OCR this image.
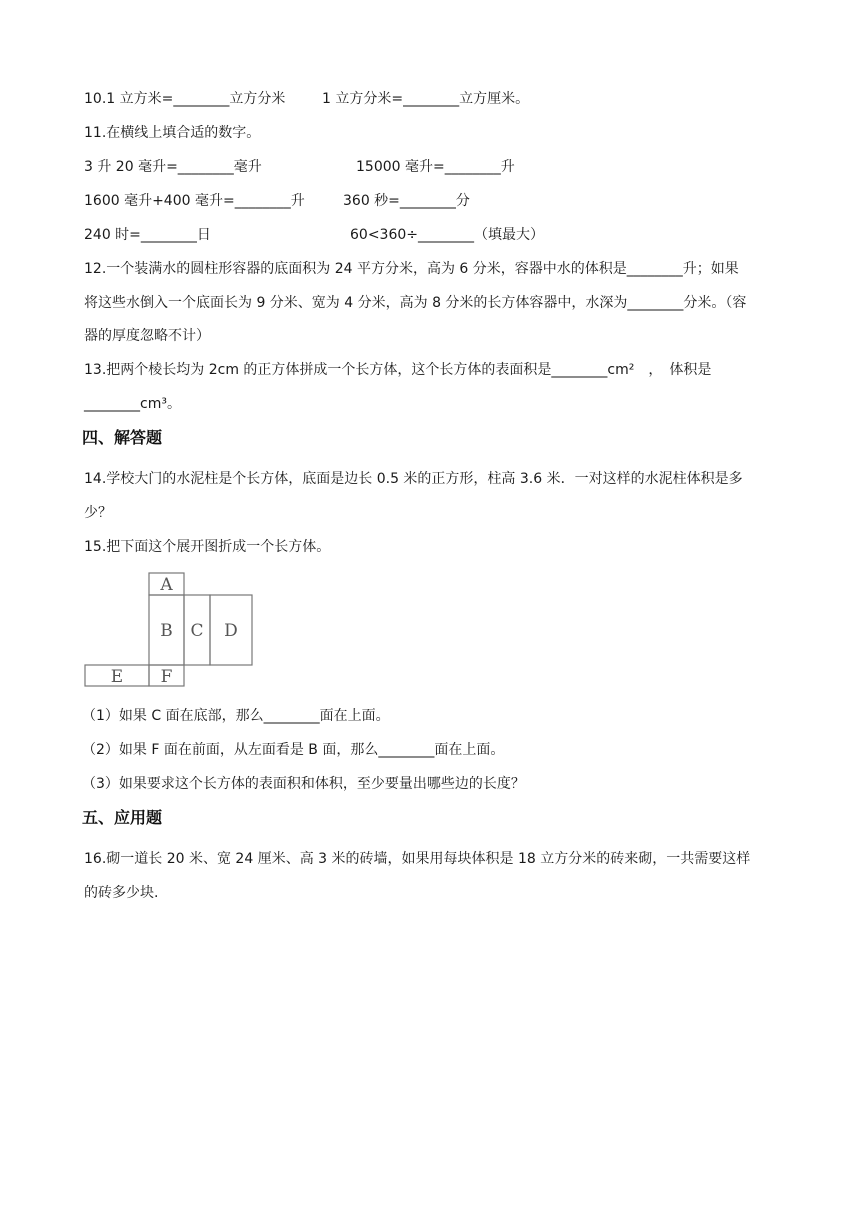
10.1 立方米=________立方分米	1 立方分米=________立方厘米。
11.在横线上填合适的数字。
3 升 20 毫升=________毫升	15000 毫升=________升
1600 毫升+400 毫升=________升	360 秒=________分
240 时=________日	60<360÷________（填最大）
12.一个装满水的圆柱形容器的底面积为 24 平方分米，高为 6 分米，容器中水的体积是________升；如果
将这些水倒入一个底面长为 9 分米、宽为 4 分米，高为 8 分米的长方体容器中，水深为________分米。（容
器的厚度忽略不计）
13.把两个棱长均为 2cm 的正方体拼成一个长方体，这个长方体的表面积是________cm²　，　体积是
________cm³。
四、解答题
14.学校大门的水泥柱是个长方体，底面是边长 0.5 米的正方形，柱高 3.6 米．一对这样的水泥柱体积是多
少？
15.把下面这个展开图折成一个长方体。
A
B C D
E F
（1）如果 C 面在底部，那么________面在上面。
（2）如果 F 面在前面，从左面看是 B 面，那么________面在上面。
（3）如果要求这个长方体的表面积和体积，至少要量出哪些边的长度？
五、应用题
16.砌一道长 20 米、宽 24 厘米、高 3 米的砖墙，如果用每块体积是 18 立方分米的砖来砌，一共需要这样
的砖多少块.
